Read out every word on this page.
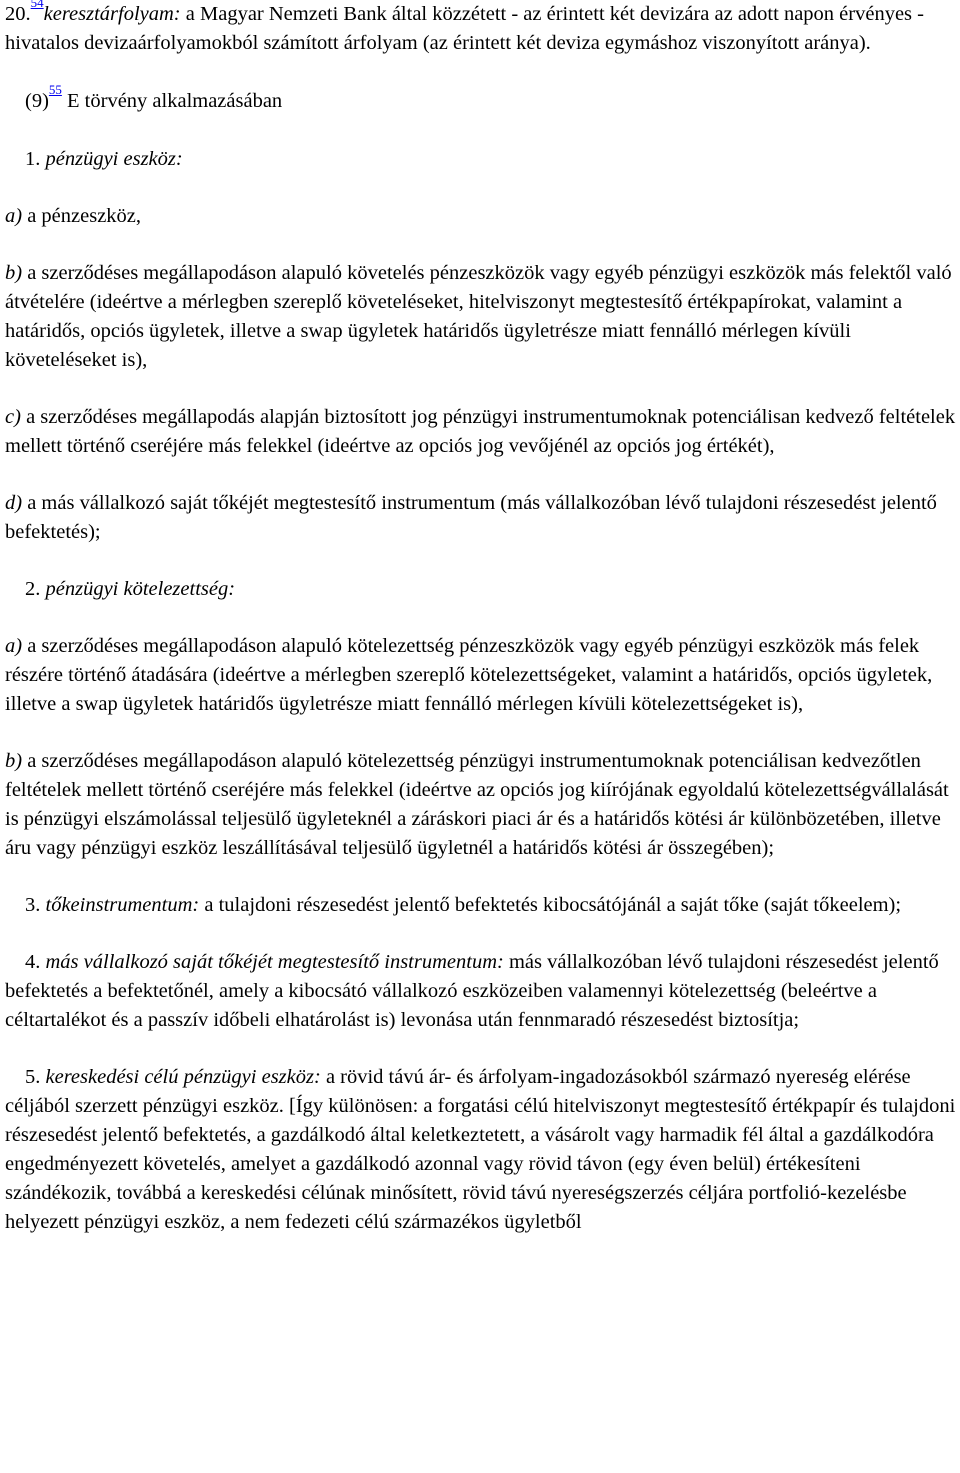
20.54keresztárfolyam: a Magyar Nemzeti Bank által közzétett - az érintett két devizára az adott napon érvényes - hivatalos devizaárfolyamokból számított árfolyam (az érintett két deviza egymáshoz viszonyított aránya).

(9)$^{55}$ E törvény alkalmazásában

1. pénzügyi eszköz:

a) a pénzeszköz,

b) a szerződéses megállapodáson alapuló követelés pénzeszközök vagy egyéb pénzügyi eszközök más felektől való átvételére (ideértve a mérlegben szereplő követeléseket, hitelviszonyt megtestesítő értékpapírokat, valamint a határidős, opciós ügyletek, illetve a swap ügyletek határidős ügyletrésze miatt fennálló mérlegen kívüli követeléseket is),

c) a szerződéses megállapodás alapján biztosított jog pénzügyi instrumentumoknak potenciálisan kedvező feltételek mellett történő cseréjére más felekkel (ideértve az opciós jog vevőjénél az opciós jog értékét),

d) a más vállalkozó saját tőkéjét megtestesítő instrumentum (más vállalkozóban lévő tulajdoni részesedést jelentő befektetés);

2. pénzügyi kötelezettség:

a) a szerződéses megállapodáson alapuló kötelezettség pénzeszközök vagy egyéb pénzügyi eszközök más felek részére történő átadására (ideértve a mérlegben szereplő kötelezettségeket, valamint a határidős, opciós ügyletek, illetve a swap ügyletek határidős ügyletrésze miatt fennálló mérlegen kívüli kötelezettségeket is),

b) a szerződéses megállapodáson alapuló kötelezettség pénzügyi instrumentumoknak potenciálisan kedvezőtlen feltételek mellett történő cseréjére más felekkel (ideértve az opciós jog kiírójának egyoldalú kötelezettségvállalását is pénzügyi elszámolással teljesülő ügyleteknél a záráskori piaci ár és a határidős kötési ár különbözetében, illetve áru vagy pénzügyi eszköz leszállításával teljesülő ügyletnél a határidős kötési ár összegében);

3. tőkeinstrumentum: a tulajdoni részesedést jelentő befektetés kibocsátójánál a saját tőke (saját tőkeelem);

4. más vállalkozó saját tőkéjét megtestesítő instrumentum: más vállalkozóban lévő tulajdoni részesedést jelentő befektetés a befektetőnél, amely a kibocsátó vállalkozó eszközeiben valamennyi kötelezettség (beleértve a céltartalékot és a passzív időbeli elhatárolást is) levonása után fennmaradó részesedést biztosítja;

5. kereskedési célú pénzügyi eszköz: a rövid távú ár- és árfolyam-ingadozásokból származó nyereség elérése céljából szerzett pénzügyi eszköz. [Így különösen: a forgatási célú hitelviszonyt megtestesítő értékpapír és tulajdoni részesedést jelentő befektetés, a gazdálkodó által keletkeztetett, a vásárolt vagy harmadik fél által a gazdálkodóra engedményezett követelés, amelyet a gazdálkodó azonnal vagy rövid távon (egy éven belül) értékesíteni szándékozik, továbbá a kereskedési célúnak minősített, rövid távú nyereségszerzés céljára portfolió-kezelésbe helyezett pénzügyi eszköz, a nem fedezeti célú származékos ügyletből
